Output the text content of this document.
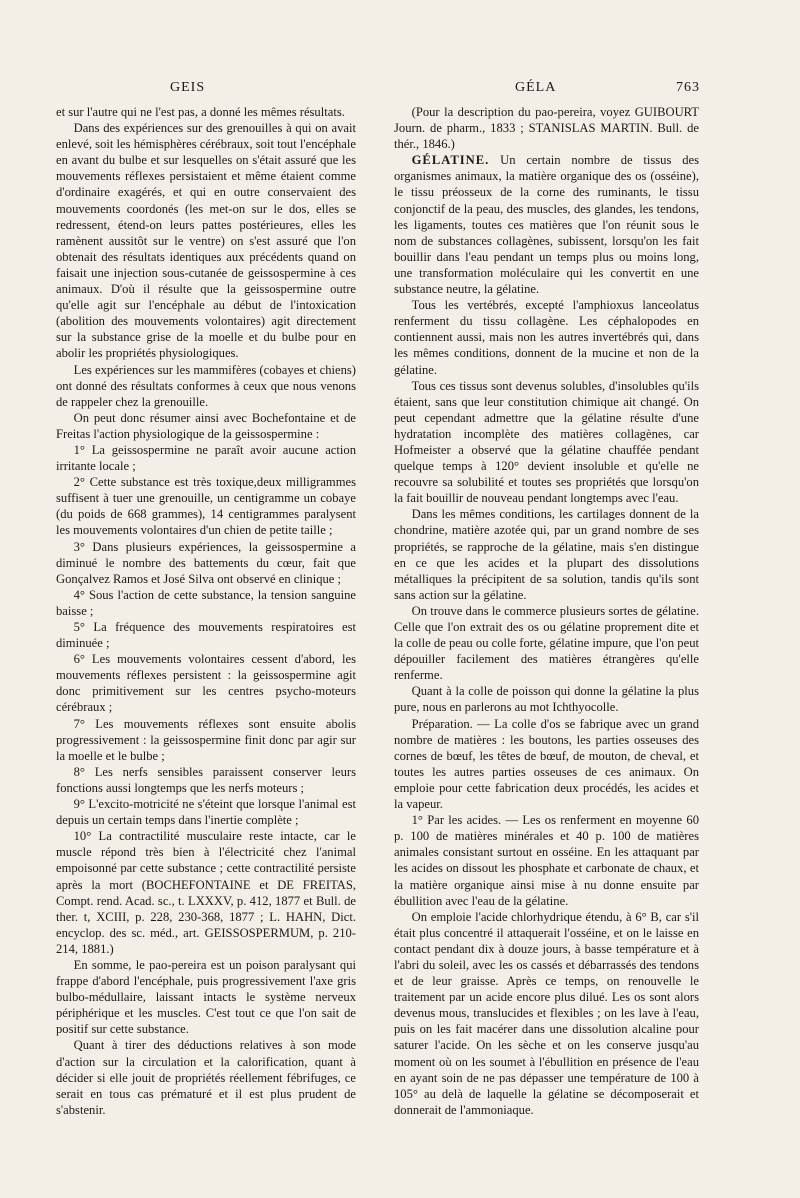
GEIS	GÉLA	763

et sur l'autre qui ne l'est pas, a donné les mêmes résultats.

Dans des expériences sur des grenouilles à qui on avait enlevé, soit les hémisphères cérébraux, soit tout l'encéphale en avant du bulbe et sur lesquelles on s'était assuré que les mouvements réflexes persistaient et même étaient comme d'ordinaire exagérés, et qui en outre conservaient des mouvements coordonés (les met-on sur le dos, elles se redressent, étend-on leurs pattes postérieures, elles les ramènent aussitôt sur le ventre) on s'est assuré que l'on obtenait des résultats identiques aux précédents quand on faisait une injection sous-cutanée de geissospermine à ces animaux. D'où il résulte que la geissospermine outre qu'elle agit sur l'encéphale au début de l'intoxication (abolition des mouvements volontaires) agit directement sur la substance grise de la moelle et du bulbe pour en abolir les propriétés physiologiques.

Les expériences sur les mammifères (cobayes et chiens) ont donné des résultats conformes à ceux que nous venons de rappeler chez la grenouille.

On peut donc résumer ainsi avec Bochefontaine et de Freitas l'action physiologique de la geissospermine :

1° La geissospermine ne paraît avoir aucune action irritante locale ;

2° Cette substance est très toxique,deux milligrammes suffisent à tuer une grenouille, un centigramme un cobaye (du poids de 668 grammes), 14 centigrammes paralysent les mouvements volontaires d'un chien de petite taille ;

3° Dans plusieurs expériences, la geissospermine a diminué le nombre des battements du cœur, fait que Gonçalvez Ramos et José Silva ont observé en clinique ;

4° Sous l'action de cette substance, la tension sanguine baisse ;

5° La fréquence des mouvements respiratoires est diminuée ;

6° Les mouvements volontaires cessent d'abord, les mouvements réflexes persistent : la geissospermine agit donc primitivement sur les centres psycho-moteurs cérébraux ;

7° Les mouvements réflexes sont ensuite abolis progressivement : la geissospermine finit donc par agir sur la moelle et le bulbe ;

8° Les nerfs sensibles paraissent conserver leurs fonctions aussi longtemps que les nerfs moteurs ;

9° L'excito-motricité ne s'éteint que lorsque l'animal est depuis un certain temps dans l'inertie complète ;

10° La contractilité musculaire reste intacte, car le muscle répond très bien à l'électricité chez l'animal empoisonné par cette substance ; cette contractilité persiste après la mort (BOCHEFONTAINE et DE FREITAS, Compt. rend. Acad. sc., t. LXXXV, p. 412, 1877 et Bull. de ther. t, XCIII, p. 228, 230-368, 1877 ; L. HAHN, Dict. encyclop. des sc. méd., art. GEISSOSPERMUM, p. 210-214, 1881.)

En somme, le pao-pereira est un poison paralysant qui frappe d'abord l'encéphale, puis progressivement l'axe gris bulbo-médullaire, laissant intacts le système nerveux périphérique et les muscles. C'est tout ce que l'on sait de positif sur cette substance.

Quant à tirer des déductions relatives à son mode d'action sur la circulation et la calorification, quant à décider si elle jouit de propriétés réellement fébrifuges, ce serait en tous cas prématuré et il est plus prudent de s'abstenir.

(Pour la description du pao-pereira, voyez GUIBOURT Journ. de pharm., 1833 ; STANISLAS MARTIN. Bull. de thér., 1846.)

GÉLATINE. Un certain nombre de tissus des organismes animaux, la matière organique des os (osséine), le tissu préosseux de la corne des ruminants, le tissu conjonctif de la peau, des muscles, des glandes, les tendons, les ligaments, toutes ces matières que l'on réunit sous le nom de substances collagènes, subissent, lorsqu'on les fait bouillir dans l'eau pendant un temps plus ou moins long, une transformation moléculaire qui les convertit en une substance neutre, la gélatine.

Tous les vertébrés, excepté l'amphioxus lanceolatus renferment du tissu collagène. Les céphalopodes en contiennent aussi, mais non les autres invertébrés qui, dans les mêmes conditions, donnent de la mucine et non de la gélatine.

Tous ces tissus sont devenus solubles, d'insolubles qu'ils étaient, sans que leur constitution chimique ait changé. On peut cependant admettre que la gélatine résulte d'une hydratation incomplète des matières collagènes, car Hofmeister a observé que la gélatine chauffée pendant quelque temps à 120° devient insoluble et qu'elle ne recouvre sa solubilité et toutes ses propriétés que lorsqu'on la fait bouillir de nouveau pendant longtemps avec l'eau.

Dans les mêmes conditions, les cartilages donnent de la chondrine, matière azotée qui, par un grand nombre de ses propriétés, se rapproche de la gélatine, mais s'en distingue en ce que les acides et la plupart des dissolutions métalliques la précipitent de sa solution, tandis qu'ils sont sans action sur la gélatine.

On trouve dans le commerce plusieurs sortes de gélatine. Celle que l'on extrait des os ou gélatine proprement dite et la colle de peau ou colle forte, gélatine impure, que l'on peut dépouiller facilement des matières étrangères qu'elle renferme.

Quant à la colle de poisson qui donne la gélatine la plus pure, nous en parlerons au mot Ichthyocolle.

Préparation. — La colle d'os se fabrique avec un grand nombre de matières : les boutons, les parties osseuses des cornes de bœuf, les têtes de bœuf, de mouton, de cheval, et toutes les autres parties osseuses de ces animaux. On emploie pour cette fabrication deux procédés, les acides et la vapeur.

1° Par les acides. — Les os renferment en moyenne 60 p. 100 de matières minérales et 40 p. 100 de matières animales consistant surtout en osséine. En les attaquant par les acides on dissout les phosphate et carbonate de chaux, et la matière organique ainsi mise à nu donne ensuite par ébullition avec l'eau de la gélatine.

On emploie l'acide chlorhydrique étendu, à 6° B, car s'il était plus concentré il attaquerait l'osséine, et on le laisse en contact pendant dix à douze jours, à basse température et à l'abri du soleil, avec les os cassés et débarrassés des tendons et de leur graisse. Après ce temps, on renouvelle le traitement par un acide encore plus dilué. Les os sont alors devenus mous, translucides et flexibles ; on les lave à l'eau, puis on les fait macérer dans une dissolution alcaline pour saturer l'acide. On les sèche et on les conserve jusqu'au moment où on les soumet à l'ébullition en présence de l'eau en ayant soin de ne pas dépasser une température de 100 à 105° au delà de laquelle la gélatine se décomposerait et donnerait de l'ammoniaque.
